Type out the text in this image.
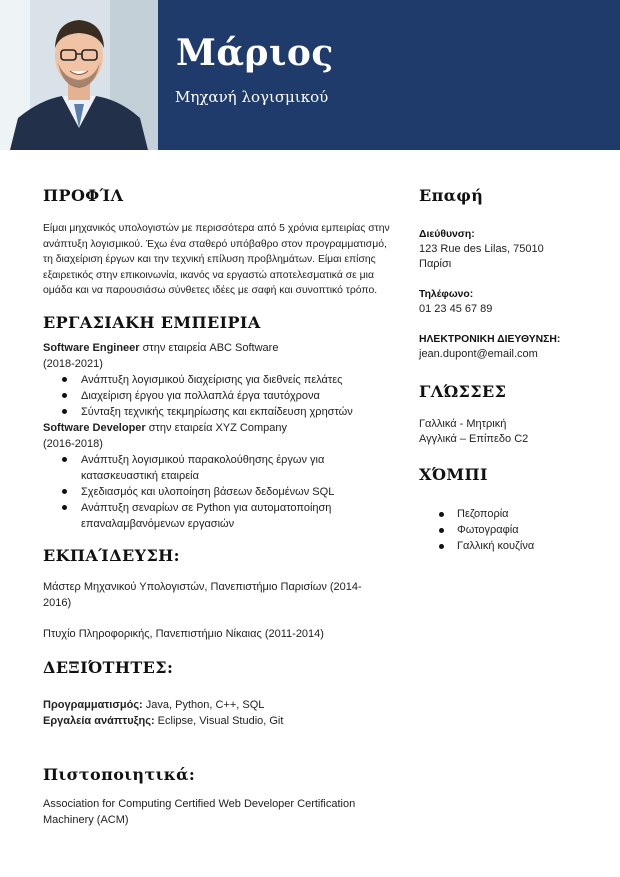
Μάριος

Μηχανή λογισμικού

ΠΡΟΦΊΛ

Είμαι μηχανικός υπολογιστών με περισσότερα από 5 χρόνια εμπειρίας στην

ανάπτυξη λογισμικού. Έχω ένα σταθερό υπόβαθρο στον προγραμματισμό,

τη διαχείριση έργων και την τεχνική επίλυση προβλημάτων. Είμαι επίσης

εξαιρετικός στην επικοινωνία, ικανός να εργαστώ αποτελεσματικά σε μια

ομάδα και να παρουσιάσω σύνθετες ιδέες με σαφή και συνοπτικό τρόπο.

ΕΡΓΑΣΙΑΚΗ ΕΜΠΕΙΡΙΑ

Software Engineer στην εταιρεία ABC Software

(2018-2021)

Ανάπτυξη λογισμικού διαχείρισης για διεθνείς πελάτες
Διαχείριση έργου για πολλαπλά έργα ταυτόχρονα
Σύνταξη τεχνικής τεκμηρίωσης και εκπαίδευση χρηστών

Software Developer στην εταιρεία XYZ Company

(2016-2018)

Ανάπτυξη λογισμικού παρακολούθησης έργων για
κατασκευαστική εταιρεία
Σχεδιασμός και υλοποίηση βάσεων δεδομένων SQL
Ανάπτυξη σεναρίων σε Python για αυτοματοποίηση
επαναλαμβανόμενων εργασιών
ΕΚΠΑΊΔΕΥΣΗ:

Μάστερ Μηχανικού Υπολογιστών, Πανεπιστήμιο Παρισίων (2014-
2016)

Πτυχίο Πληροφορικής, Πανεπιστήμιο Νίκαιας (2011-2014)

ΔΕΞΙΌΤΗΤΕΣ:

Προγραμματισμός: Java, Python, C++, SQL

Εργαλεία ανάπτυξης: Eclipse, Visual Studio, Git

Πιστοποιητικά:

Association for Computing Certified Web Developer Certification

Machinery (ACM)

Επαφή

Διεύθυνση:

123 Rue des Lilas, 75010

Παρίσι

Τηλέφωνο:

01 23 45 67 89

ΗΛΕΚΤΡΟΝΙΚΗ ΔΙΕΥΘΥΝΣΗ:

jean.dupont@email.com

ΓΛΏΣΣΕΣ

Γαλλικά - Μητρική

Αγγλικά – Επίπεδο C2

ΧΌΜΠΙ
Πεζοπορία
Φωτογραφία
Γαλλική κουζίνα
